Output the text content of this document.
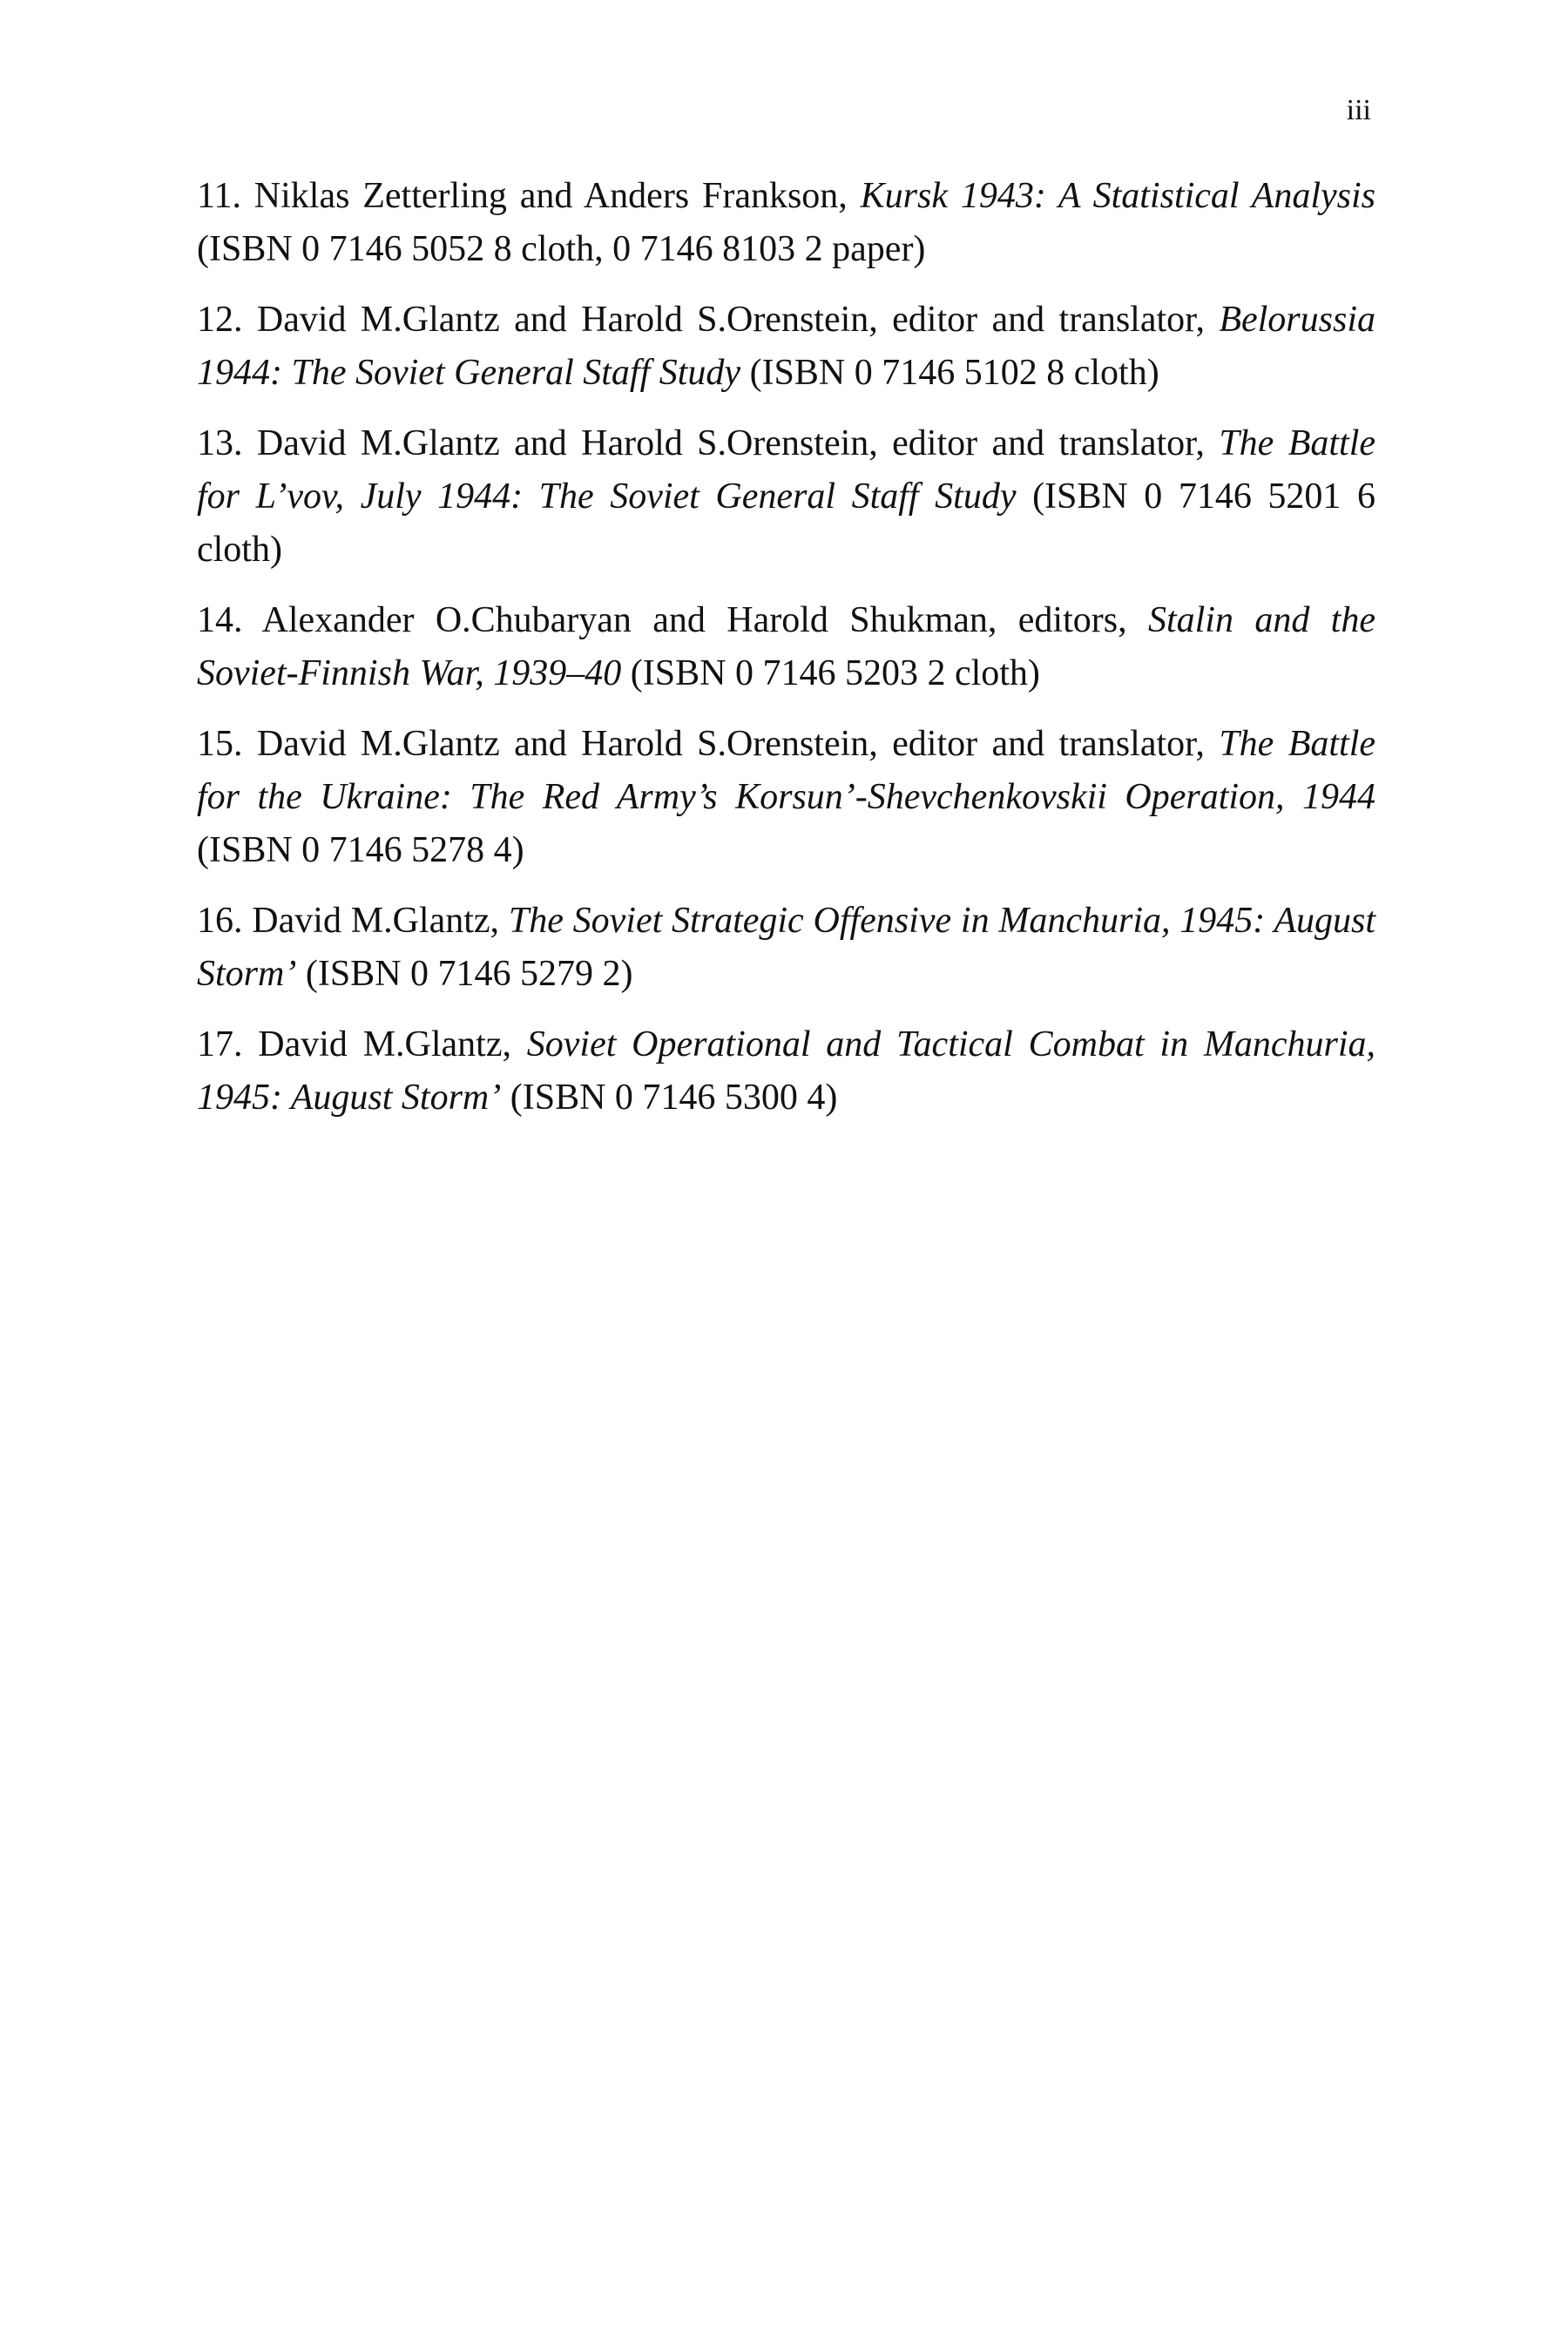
iii
11. Niklas Zetterling and Anders Frankson, Kursk 1943: A Statistical Analysis (ISBN 0 7146 5052 8 cloth, 0 7146 8103 2 paper)
12. David M.Glantz and Harold S.Orenstein, editor and translator, Belorussia 1944: The Soviet General Staff Study (ISBN 0 7146 5102 8 cloth)
13. David M.Glantz and Harold S.Orenstein, editor and translator, The Battle for L’vov, July 1944: The Soviet General Staff Study (ISBN 0 7146 5201 6 cloth)
14. Alexander O.Chubaryan and Harold Shukman, editors, Stalin and the Soviet-Finnish War, 1939–40 (ISBN 0 7146 5203 2 cloth)
15. David M.Glantz and Harold S.Orenstein, editor and translator, The Battle for the Ukraine: The Red Army’s Korsun’-Shevchenkovskii Operation, 1944 (ISBN 0 7146 5278 4)
16. David M.Glantz, The Soviet Strategic Offensive in Manchuria, 1945: August Storm’ (ISBN 0 7146 5279 2)
17. David M.Glantz, Soviet Operational and Tactical Combat in Manchuria, 1945: August Storm’ (ISBN 0 7146 5300 4)
